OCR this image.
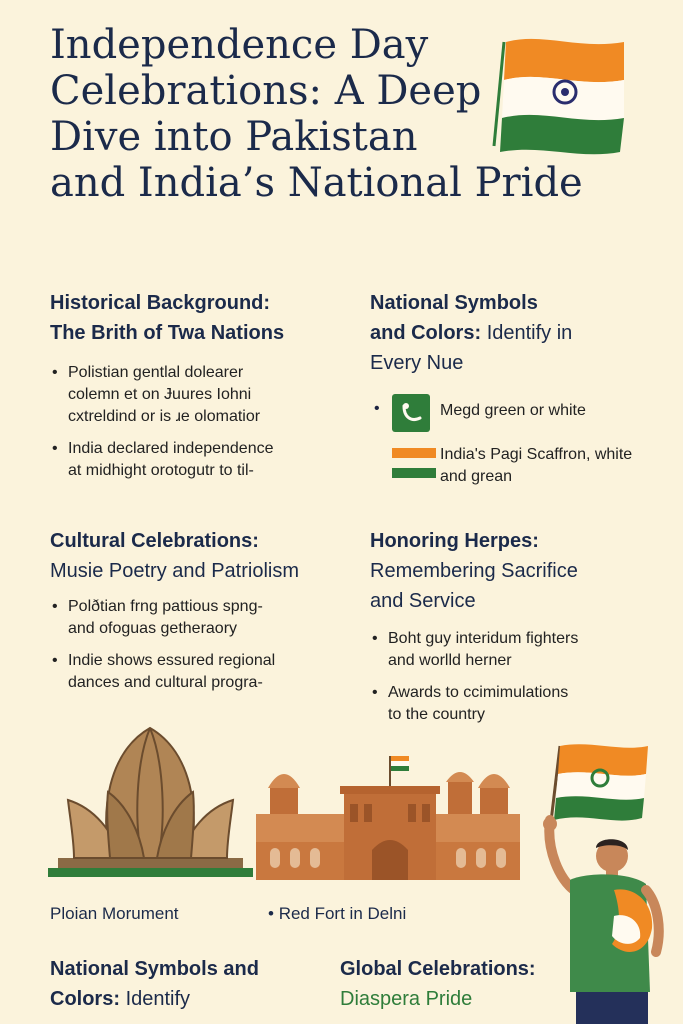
Independence Day
Celebrations: A Deep
Dive into Pakistan
and India’s National Pride
Historical Background:
The Brith of Twa Nations
• Polistian gentlal dolearer
colemn et on Ɉuures Iohni
cxtreldind or is ɹe olomatior
• India declared independence
at midhight orotogutr to til-
National Symbols
and Colors: Identify in
Every Nue
•	Megd green or white
India's Pagi Scaffron, white
and grean
Cultural Celebrations:
Musie Poetry and Patriolism
• Polðtian frng pattious spng-
and ofoguas getheraory
• Indie shows essured regional
dances and cultural progra-
Honoring Herpes:
Remembering Sacrifice
and Service
• Boht guy interidum fighters
and worlld herner
• Awards to ccimimulations
to the country
Ploian Morument	• Red Fort in Delni
National Symbols and
Colors: Identify
Global Celebrations:
Diaspera Pride
